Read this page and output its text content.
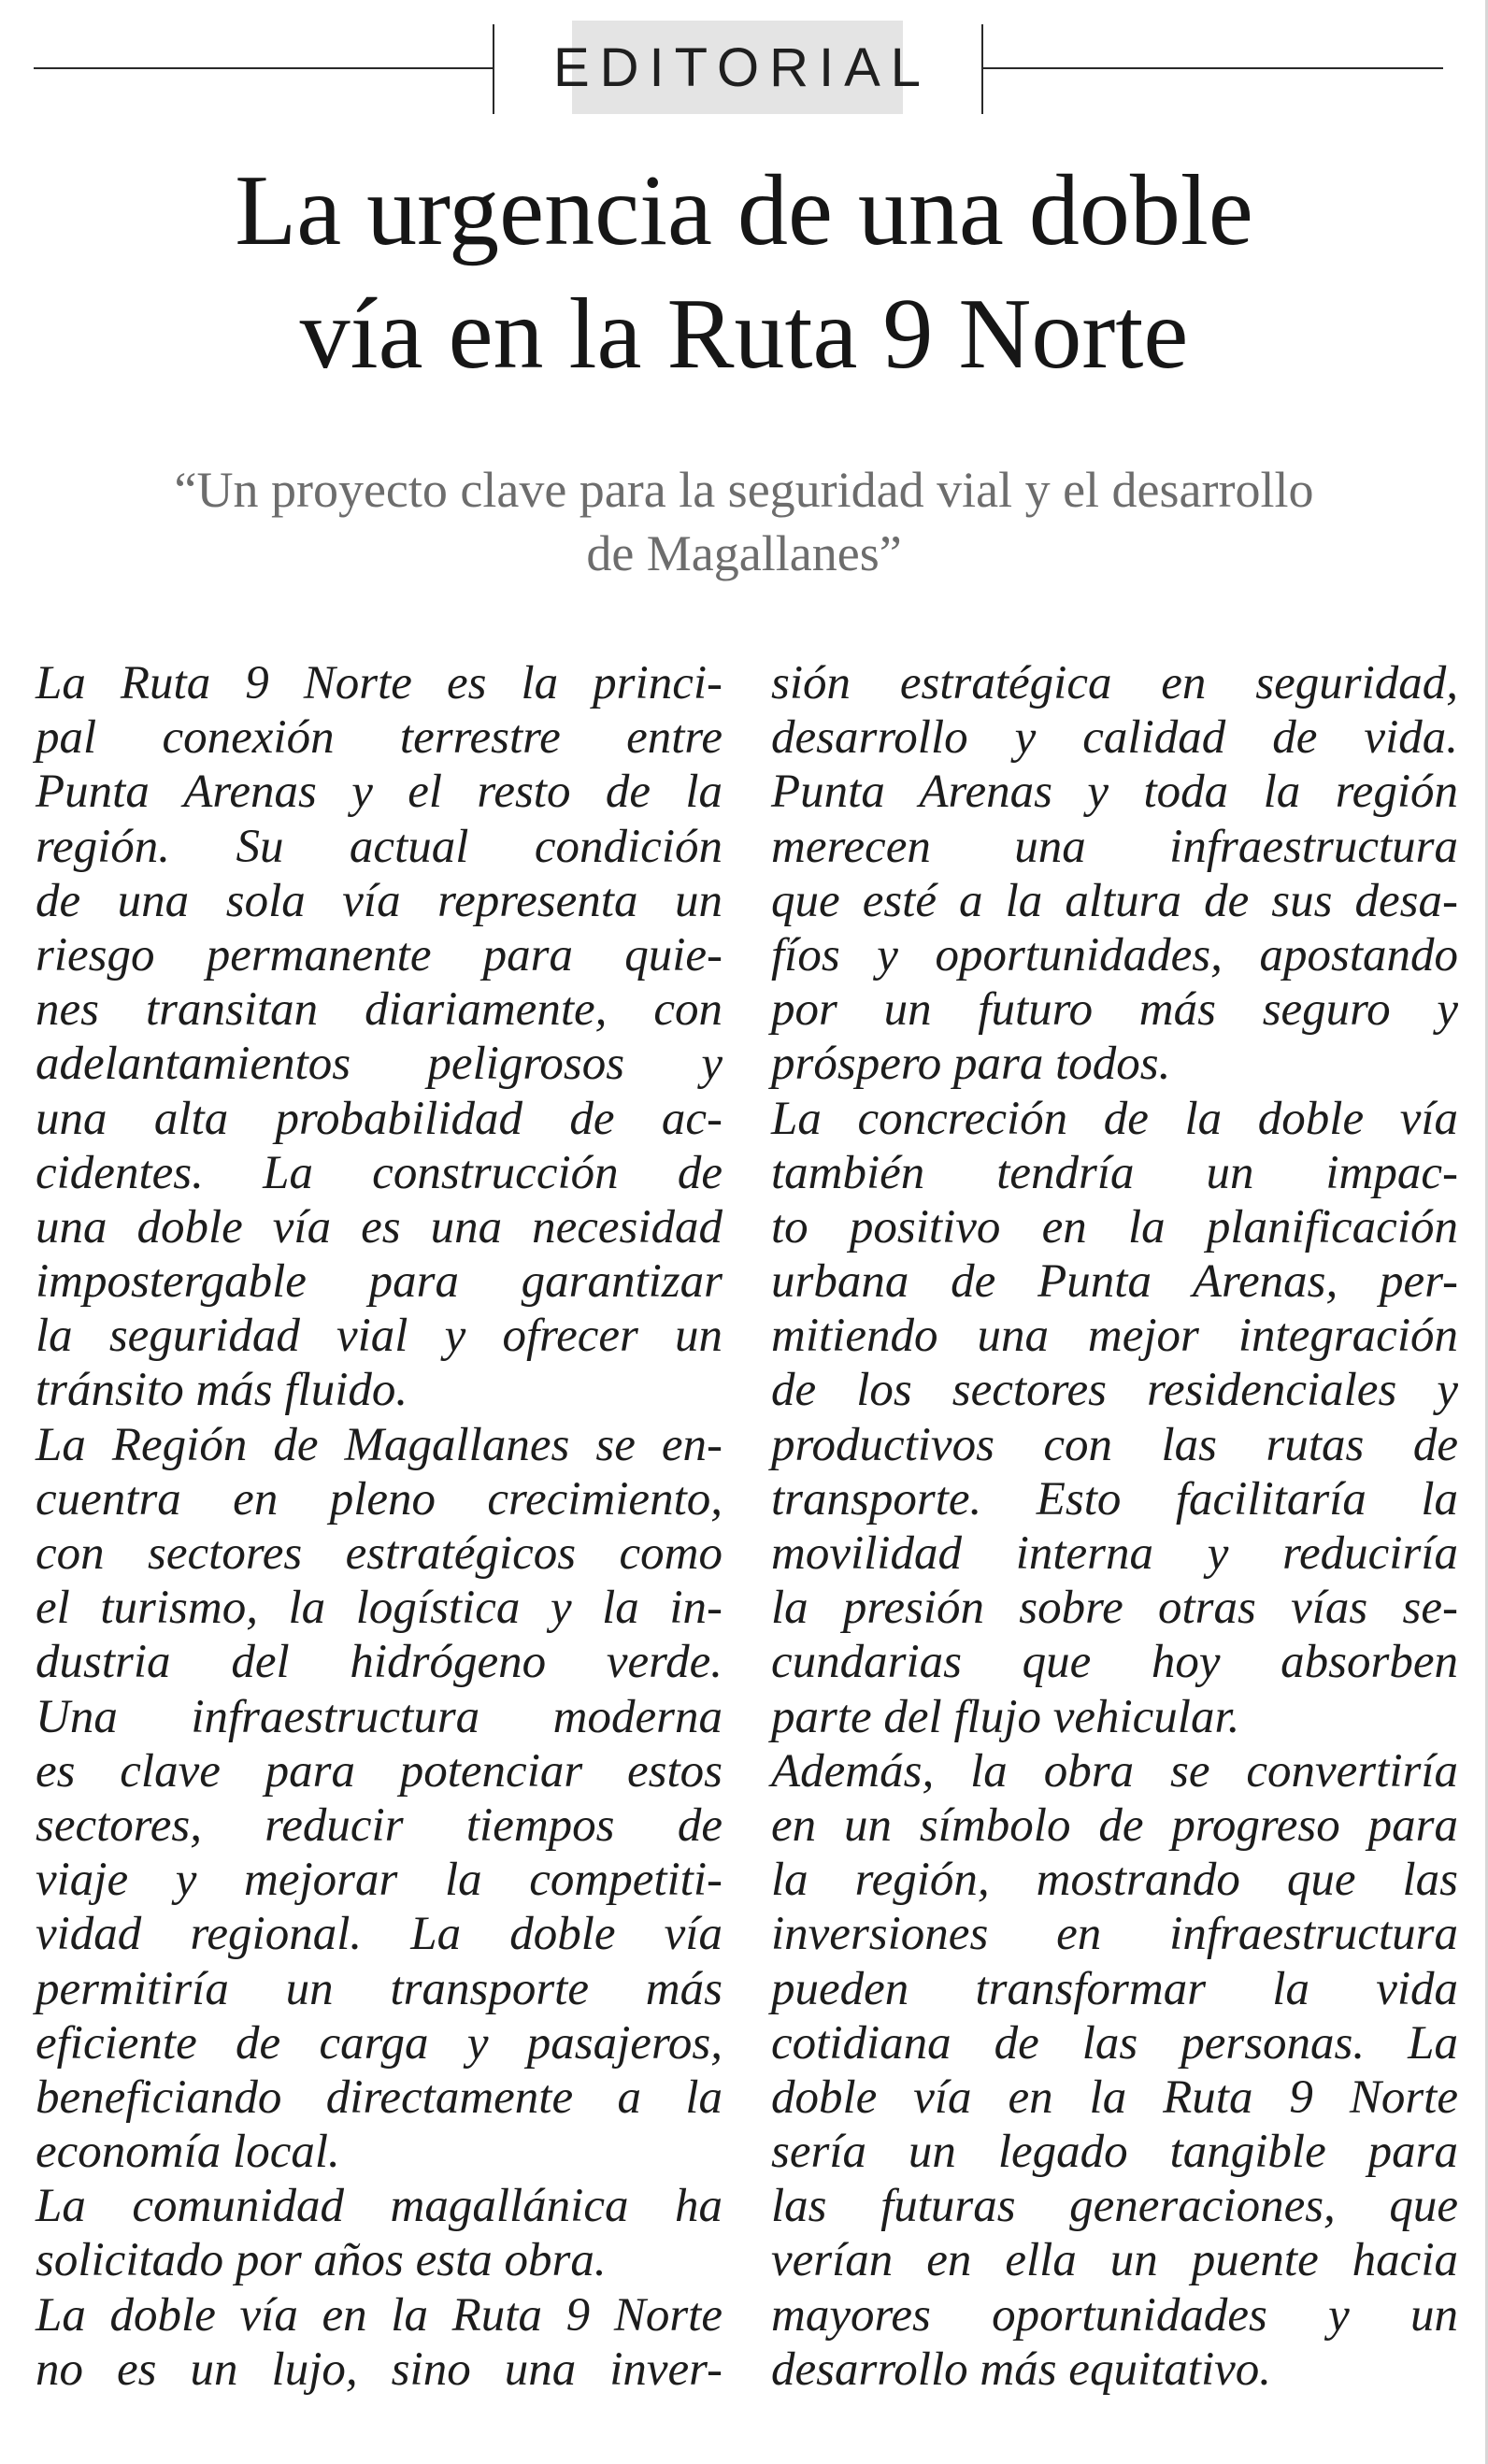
EDITORIAL
La urgencia de una doble
vía en la Ruta 9 Norte

“Un proyecto clave para la seguridad vial y el desarrollo
de Magallanes”

La Ruta 9 Norte es la princi-
pal conexión terrestre entre
Punta Arenas y el resto de la
región. Su actual condición
de una sola vía representa un
riesgo permanente para quie-
nes transitan diariamente, con
adelantamientos peligrosos y
una alta probabilidad de ac-
cidentes. La construcción de
una doble vía es una necesidad
impostergable para garantizar
la seguridad vial y ofrecer un
tránsito más fluido.
La Región de Magallanes se en-
cuentra en pleno crecimiento,
con sectores estratégicos como
el turismo, la logística y la in-
dustria del hidrógeno verde.
Una infraestructura moderna
es clave para potenciar estos
sectores, reducir tiempos de
viaje y mejorar la competiti-
vidad regional. La doble vía
permitiría un transporte más
eficiente de carga y pasajeros,
beneficiando directamente a la
economía local.
La comunidad magallánica ha
solicitado por años esta obra.
La doble vía en la Ruta 9 Norte
no es un lujo, sino una inver-
sión estratégica en seguridad,
desarrollo y calidad de vida.
Punta Arenas y toda la región
merecen una infraestructura
que esté a la altura de sus desa-
fíos y oportunidades, apostando
por un futuro más seguro y
próspero para todos.
La concreción de la doble vía
también tendría un impac-
to positivo en la planificación
urbana de Punta Arenas, per-
mitiendo una mejor integración
de los sectores residenciales y
productivos con las rutas de
transporte. Esto facilitaría la
movilidad interna y reduciría
la presión sobre otras vías se-
cundarias que hoy absorben
parte del flujo vehicular.
Además, la obra se convertiría
en un símbolo de progreso para
la región, mostrando que las
inversiones en infraestructura
pueden transformar la vida
cotidiana de las personas. La
doble vía en la Ruta 9 Norte
sería un legado tangible para
las futuras generaciones, que
verían en ella un puente hacia
mayores oportunidades y un
desarrollo más equitativo.
